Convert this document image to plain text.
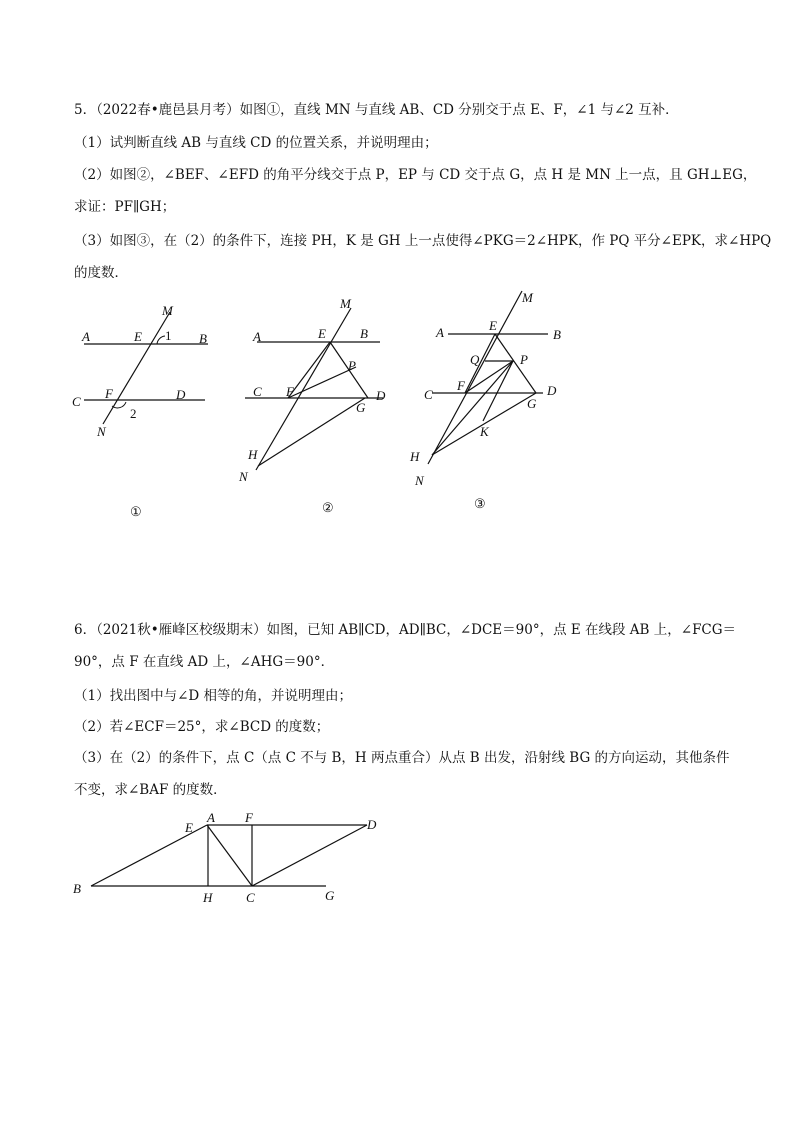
5．（2022春•鹿邑县月考）如图①，直线 MN 与直线 AB、CD 分别交于点 E、F，∠1 与∠2 互补．
（1）试判断直线 AB 与直线 CD 的位置关系，并说明理由；
（2）如图②，∠BEF、∠EFD 的角平分线交于点 P，EP 与 CD 交于点 G，点 H 是 MN 上一点，且 GH⊥EG，
求证：PF∥GH；
（3）如图③，在（2）的条件下，连接 PH，K 是 GH 上一点使得∠PKG＝2∠HPK，作 PQ 平分∠EPK，求∠HPQ
的度数．
A	B
E 1
M
C	D
F
2
N
①
M
A	E	B
P
C F	D
G
H
N
②
M
A	E
B
Q	P
C
F	D
G
K
H
N
③
E
A F	D
B
H	C	G
6．（2021秋•雁峰区校级期末）如图，已知 AB∥CD，AD∥BC，∠DCE＝90°，点 E 在线段 AB 上，∠FCG＝
90°，点 F 在直线 AD 上，∠AHG＝90°．
（1）找出图中与∠D 相等的角，并说明理由；
（2）若∠ECF＝25°，求∠BCD 的度数；
（3）在（2）的条件下，点 C（点 C 不与 B，H 两点重合）从点 B 出发，沿射线 BG 的方向运动，其他条件
不变，求∠BAF 的度数．
